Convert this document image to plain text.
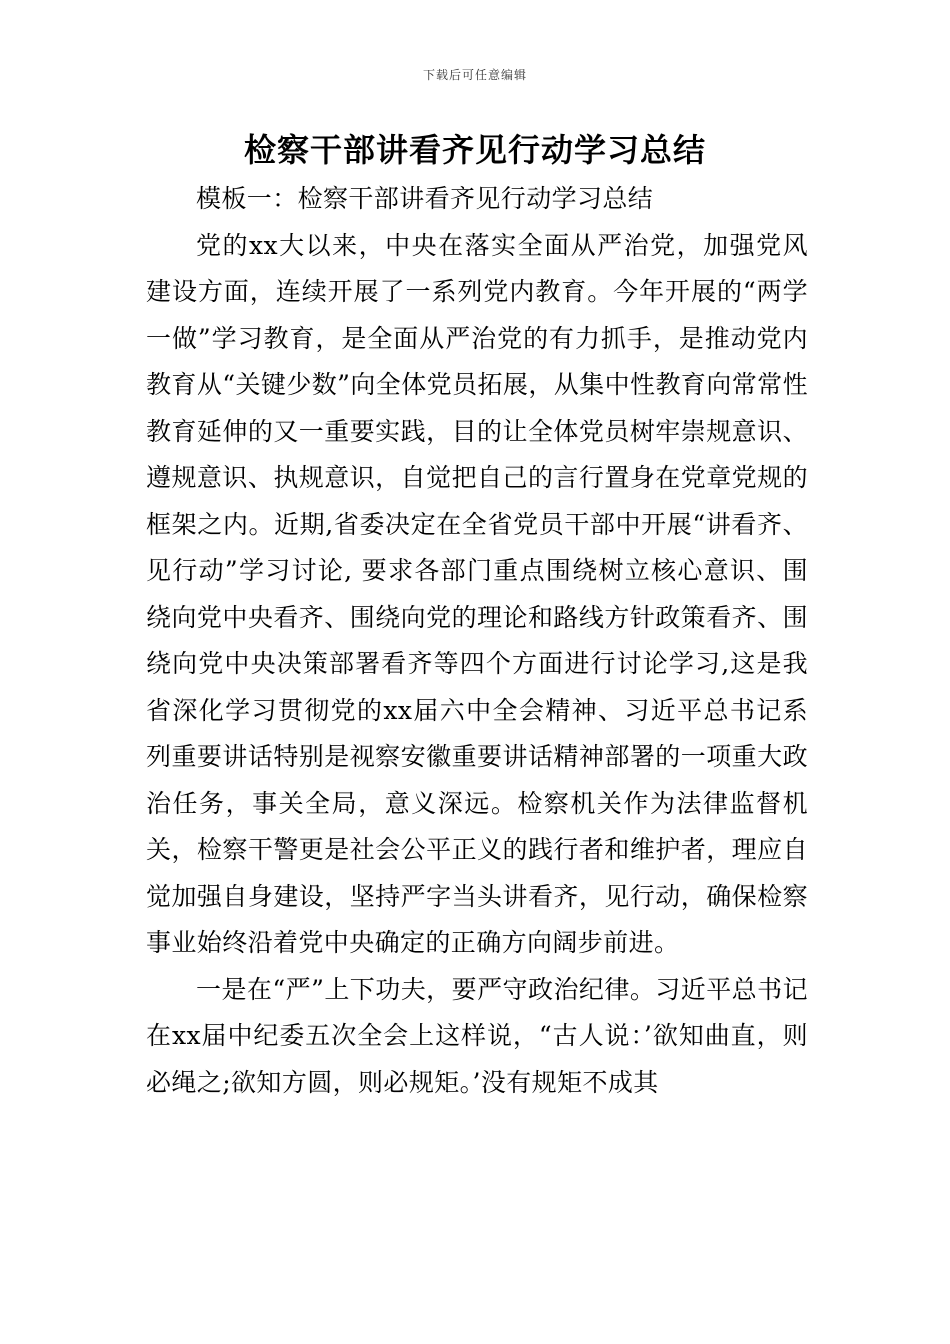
下载后可任意编辑
检察干部讲看齐见行动学习总结

模板一：检察干部讲看齐见行动学习总结

党的xx大以来，中央在落实全面从严治党，加强党风建设方面，连续开展了一系列党内教育。今年开展的“两学一做”学习教育，是全面从严治党的有力抓手，是推动党内教育从“关键少数”向全体党员拓展，从集中性教育向常常性教育延伸的又一重要实践，目的让全体党员树牢崇规意识、遵规意识、执规意识，自觉把自己的言行置身在党章党规的框架之内。近期,省委决定在全省党员干部中开展“讲看齐、见行动”学习讨论, 要求各部门重点围绕树立核心意识、围绕向党中央看齐、围绕向党的理论和路线方针政策看齐、围绕向党中央决策部署看齐等四个方面进行讨论学习,这是我省深化学习贯彻党的xx届六中全会精神、习近平总书记系列重要讲话特别是视察安徽重要讲话精神部署的一项重大政治任务，事关全局，意义深远。检察机关作为法律监督机关，检察干警更是社会公平正义的践行者和维护者，理应自觉加强自身建设，坚持严字当头讲看齐，见行动，确保检察事业始终沿着党中央确定的正确方向阔步前进。

一是在“严”上下功夫，要严守政治纪律。习近平总书记在xx届中纪委五次全会上这样说，“古人说：’欲知曲直，则必绳之;欲知方圆，则必规矩。’没有规矩不成其
